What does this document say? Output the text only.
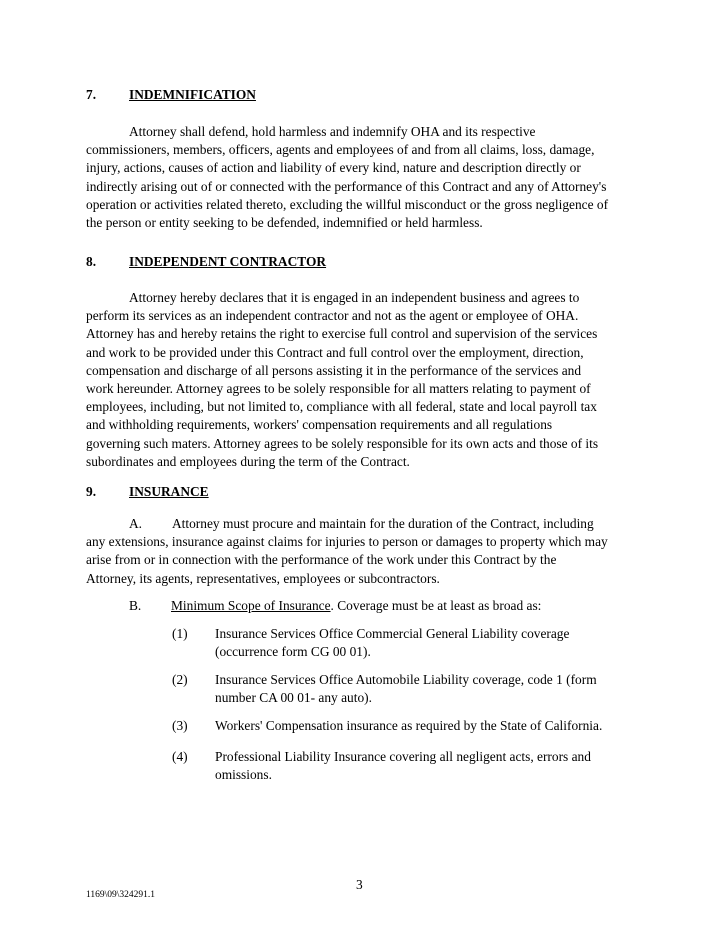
7. INDEMNIFICATION
Attorney shall defend, hold harmless and indemnify OHA and its respective
commissioners, members, officers, agents and employees of and from all claims, loss, damage,
injury, actions, causes of action and liability of every kind, nature and description directly or
indirectly arising out of or connected with the performance of this Contract and any of Attorney's
operation or activities related thereto, excluding the willful misconduct or the gross negligence of
the person or entity seeking to be defended, indemnified or held harmless.
8. INDEPENDENT CONTRACTOR
Attorney hereby declares that it is engaged in an independent business and agrees to
perform its services as an independent contractor and not as the agent or employee of OHA.
Attorney has and hereby retains the right to exercise full control and supervision of the services
and work to be provided under this Contract and full control over the employment, direction,
compensation and discharge of all persons assisting it in the performance of the services and
work hereunder. Attorney agrees to be solely responsible for all matters relating to payment of
employees, including, but not limited to, compliance with all federal, state and local payroll tax
and withholding requirements, workers' compensation requirements and all regulations
governing such maters. Attorney agrees to be solely responsible for its own acts and those of its
subordinates and employees during the term of the Contract.
9. INSURANCE
A. Attorney must procure and maintain for the duration of the Contract, including
any extensions, insurance against claims for injuries to person or damages to property which may
arise from or in connection with the performance of the work under this Contract by the
Attorney, its agents, representatives, employees or subcontractors.
B. Minimum Scope of Insurance. Coverage must be at least as broad as:
(1) Insurance Services Office Commercial General Liability coverage
(occurrence form CG 00 01).
(2) Insurance Services Office Automobile Liability coverage, code 1 (form
number CA 00 01- any auto).
(3) Workers' Compensation insurance as required by the State of California.
(4) Professional Liability Insurance covering all negligent acts, errors and
omissions.
3
1169\09\324291.1
